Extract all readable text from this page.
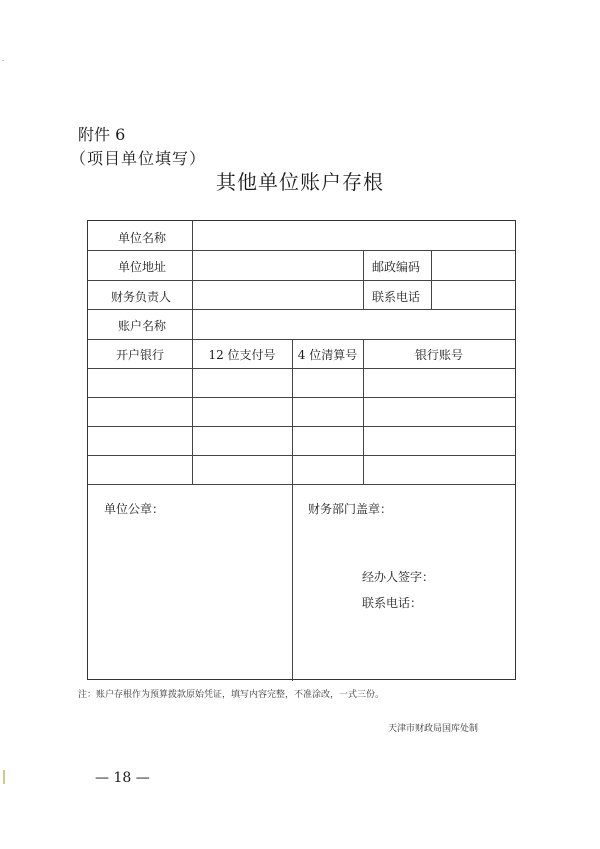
附件 6
（项目单位填写）
其他单位账户存根
单位名称
单位地址	邮政编码
财务负责人	联系电话
账户名称
开户银行	12 位支付号	4 位清算号	银行账号
单位公章：	财务部门盖章：
经办人签字：
联系电话：
注：账户存根作为预算拨款原始凭证，填写内容完整，不准涂改，一式三份。
天津市财政局国库处制
— 18 —
